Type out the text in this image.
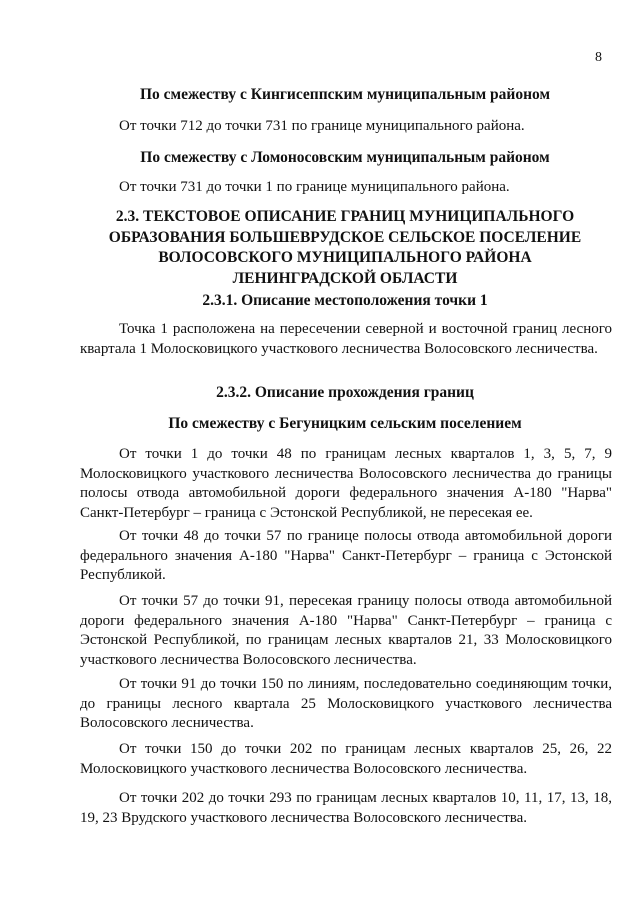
8
По смежеству с Кингисеппским муниципальным районом
От точки 712 до точки 731 по границе муниципального района.
По смежеству с Ломоносовским муниципальным районом
От точки 731 до точки 1 по границе муниципального района.
2.3. ТЕКСТОВОЕ ОПИСАНИЕ ГРАНИЦ МУНИЦИПАЛЬНОГО ОБРАЗОВАНИЯ БОЛЬШЕВРУДСКОЕ СЕЛЬСКОЕ ПОСЕЛЕНИЕ ВОЛОСОВСКОГО МУНИЦИПАЛЬНОГО РАЙОНА ЛЕНИНГРАДСКОЙ ОБЛАСТИ
2.3.1. Описание местоположения точки 1
Точка 1 расположена на пересечении северной и восточной границ лесного квартала 1 Молосковицкого участкового лесничества Волосовского лесничества.
2.3.2. Описание прохождения границ
По смежеству с Бегуницким сельским поселением
От точки 1 до точки 48 по границам лесных кварталов 1, 3, 5, 7, 9 Молосковицкого участкового лесничества Волосовского лесничества до границы полосы отвода автомобильной дороги федерального значения А-180 "Нарва" Санкт-Петербург – граница с Эстонской Республикой, не пересекая ее.
От точки 48 до точки 57 по границе полосы отвода автомобильной дороги федерального значения А-180 "Нарва" Санкт-Петербург – граница с Эстонской Республикой.
От точки 57 до точки 91, пересекая границу полосы отвода автомобильной дороги федерального значения А-180 "Нарва" Санкт-Петербург – граница с Эстонской Республикой, по границам лесных кварталов 21, 33 Молосковицкого участкового лесничества Волосовского лесничества.
От точки 91 до точки 150 по линиям, последовательно соединяющим точки, до границы лесного квартала 25 Молосковицкого участкового лесничества Волосовского лесничества.
От точки 150 до точки 202 по границам лесных кварталов 25, 26, 22 Молосковицкого участкового лесничества Волосовского лесничества.
От точки 202 до точки 293 по границам лесных кварталов 10, 11, 17, 13, 18, 19, 23 Врудского участкового лесничества Волосовского лесничества.
